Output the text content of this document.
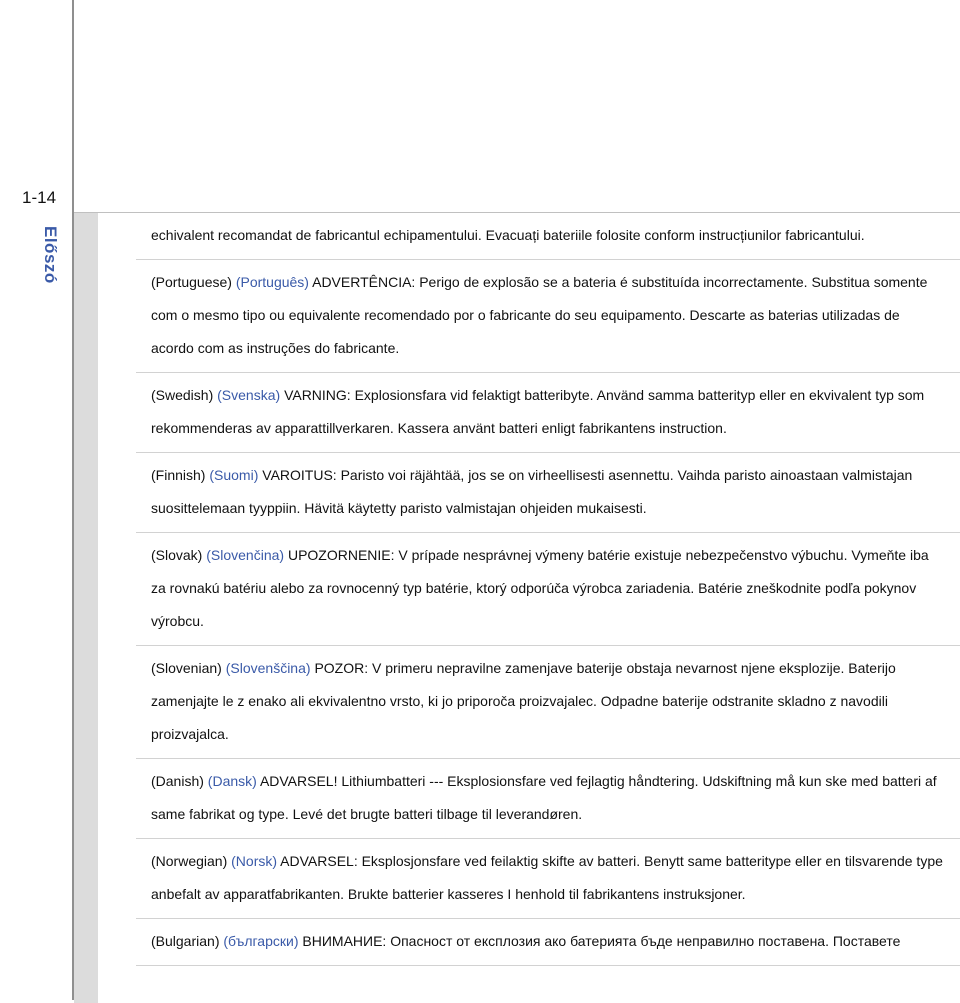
1-14
Előszó	echivalent recomandat de fabricantul echipamentului. Evacuați bateriile folosite conform instrucțiunilor fabricantului.

(Portuguese) (Português) ADVERTÊNCIA: Perigo de explosão se a bateria é substituída incorrectamente. Substitua somente com o mesmo tipo ou equivalente recomendado por o fabricante do seu equipamento. Descarte as baterias utilizadas de acordo com as instruções do fabricante.

(Swedish) (Svenska) VARNING: Explosionsfara vid felaktigt batteribyte. Använd samma batterityp eller en ekvivalent typ som rekommenderas av apparattillverkaren. Kassera använt batteri enligt fabrikantens instruction.

(Finnish) (Suomi) VAROITUS: Paristo voi räjähtää, jos se on virheellisesti asennettu. Vaihda paristo ainoastaan valmistajan suosittelemaan tyyppiin. Hävitä käytetty paristo valmistajan ohjeiden mukaisesti.

(Slovak) (Slovenčina) UPOZORNENIE: V prípade nesprávnej výmeny batérie existuje nebezpečenstvo výbuchu. Vymeňte iba za rovnakú batériu alebo za rovnocenný typ batérie, ktorý odporúča výrobca zariadenia. Batérie zneškodnite podľa pokynov výrobcu.

(Slovenian) (Slovenščina) POZOR: V primeru nepravilne zamenjave baterije obstaja nevarnost njene eksplozije. Baterijo zamenjajte le z enako ali ekvivalentno vrsto, ki jo priporoča proizvajalec. Odpadne baterije odstranite skladno z navodili proizvajalca.

(Danish) (Dansk) ADVARSEL! Lithiumbatteri --- Eksplosionsfare ved fejlagtig håndtering. Udskiftning må kun ske med batteri af same fabrikat og type. Levé det brugte batteri tilbage til leverandøren.

(Norwegian) (Norsk) ADVARSEL: Eksplosjonsfare ved feilaktig skifte av batteri. Benytt same batteritype eller en tilsvarende type anbefalt av apparatfabrikanten. Brukte batterier kasseres I henhold til fabrikantens instruksjoner.

(Bulgarian) (български) ВНИМАНИЕ: Опасност от експлозия ако батерията бъде неправилно поставена. Поставете
